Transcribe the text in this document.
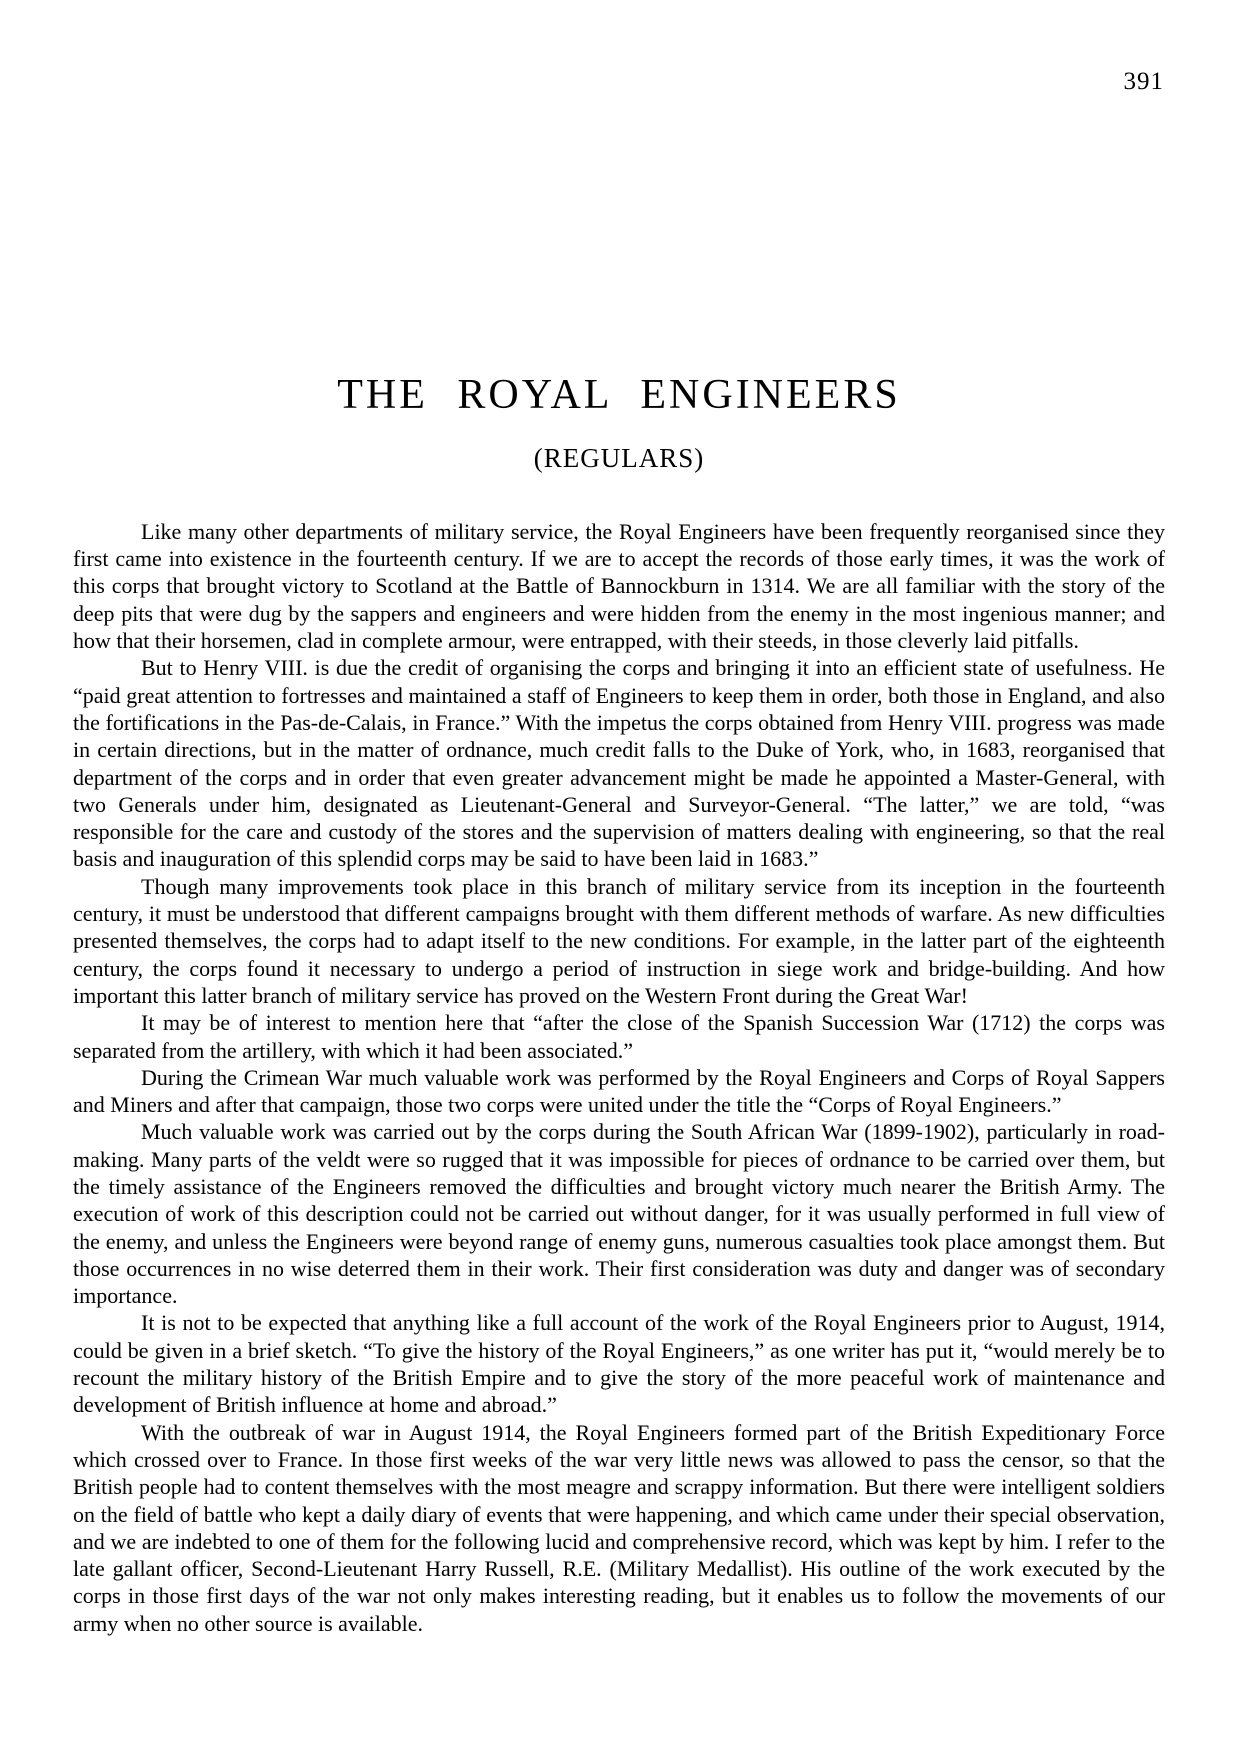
391
THE ROYAL ENGINEERS
(REGULARS)

Like many other departments of military service, the Royal Engineers have been frequently reorganised since they first came into existence in the fourteenth century. If we are to accept the records of those early times, it was the work of this corps that brought victory to Scotland at the Battle of Bannockburn in 1314. We are all familiar with the story of the deep pits that were dug by the sappers and engineers and were hidden from the enemy in the most ingenious manner; and how that their horsemen, clad in complete armour, were entrapped, with their steeds, in those cleverly laid pitfalls.

But to Henry VIII. is due the credit of organising the corps and bringing it into an efficient state of usefulness. He “paid great attention to fortresses and maintained a staff of Engineers to keep them in order, both those in England, and also the fortifications in the Pas-de-Calais, in France.” With the impetus the corps obtained from Henry VIII. progress was made in certain directions, but in the matter of ordnance, much credit falls to the Duke of York, who, in 1683, reorganised that department of the corps and in order that even greater advancement might be made he appointed a Master-General, with two Generals under him, designated as Lieutenant-General and Surveyor-General. “The latter,” we are told, “was responsible for the care and custody of the stores and the supervision of matters dealing with engineering, so that the real basis and inauguration of this splendid corps may be said to have been laid in 1683.”

Though many improvements took place in this branch of military service from its inception in the fourteenth century, it must be understood that different campaigns brought with them different methods of warfare. As new difficulties presented themselves, the corps had to adapt itself to the new conditions. For example, in the latter part of the eighteenth century, the corps found it necessary to undergo a period of instruction in siege work and bridge-building. And how important this latter branch of military service has proved on the Western Front during the Great War!

It may be of interest to mention here that “after the close of the Spanish Succession War (1712) the corps was separated from the artillery, with which it had been associated.”

During the Crimean War much valuable work was performed by the Royal Engineers and Corps of Royal Sappers and Miners and after that campaign, those two corps were united under the title the “Corps of Royal Engineers.”

Much valuable work was carried out by the corps during the South African War (1899-1902), particularly in road-making. Many parts of the veldt were so rugged that it was impossible for pieces of ordnance to be carried over them, but the timely assistance of the Engineers removed the difficulties and brought victory much nearer the British Army. The execution of work of this description could not be carried out without danger, for it was usually performed in full view of the enemy, and unless the Engineers were beyond range of enemy guns, numerous casualties took place amongst them. But those occurrences in no wise deterred them in their work. Their first consideration was duty and danger was of secondary importance.

It is not to be expected that anything like a full account of the work of the Royal Engineers prior to August, 1914, could be given in a brief sketch. “To give the history of the Royal Engineers,” as one writer has put it, “would merely be to recount the military history of the British Empire and to give the story of the more peaceful work of maintenance and development of British influence at home and abroad.”

With the outbreak of war in August 1914, the Royal Engineers formed part of the British Expeditionary Force which crossed over to France. In those first weeks of the war very little news was allowed to pass the censor, so that the British people had to content themselves with the most meagre and scrappy information. But there were intelligent soldiers on the field of battle who kept a daily diary of events that were happening, and which came under their special observation, and we are indebted to one of them for the following lucid and comprehensive record, which was kept by him. I refer to the late gallant officer, Second-Lieutenant Harry Russell, R.E. (Military Medallist). His outline of the work executed by the corps in those first days of the war not only makes interesting reading, but it enables us to follow the movements of our army when no other source is available.
